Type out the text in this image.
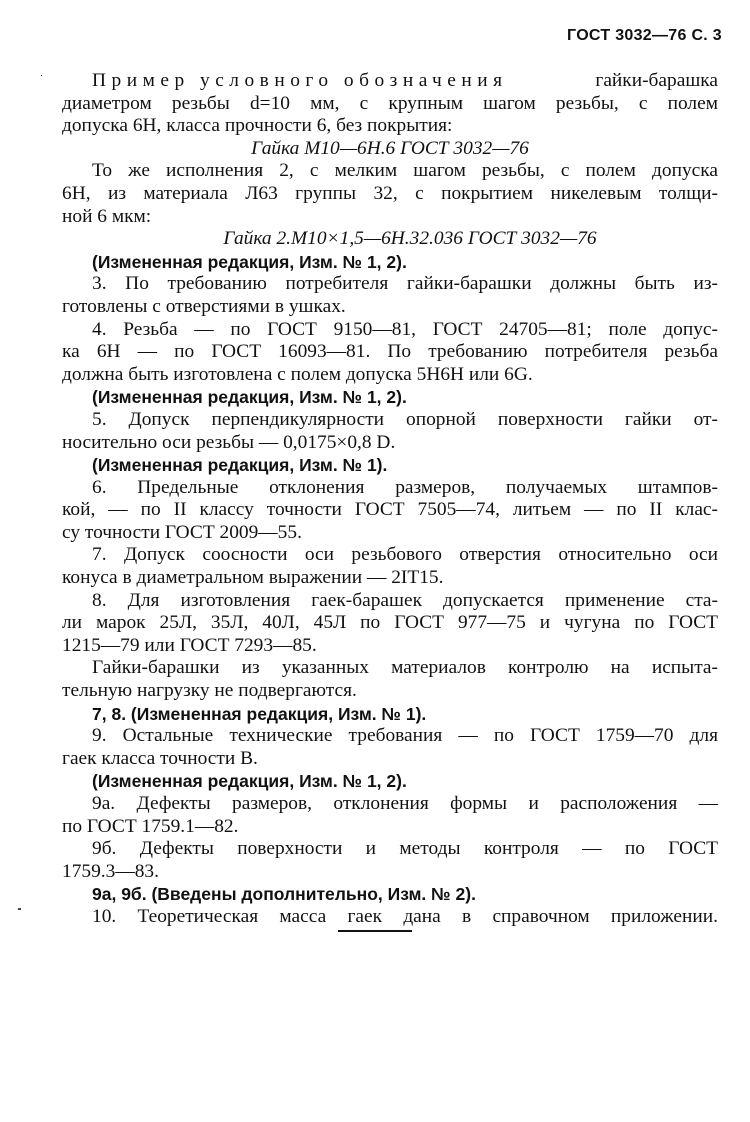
ГОСТ 3032—76 С. 3
Пример условного обозначения	гайки-барашка
диаметром резьбы d=10 мм, с крупным шагом резьбы, с полем
допуска 6Н, класса прочности 6, без покрытия:
Гайка М10—6Н.6 ГОСТ 3032—76
То же исполнения 2, с мелким шагом резьбы, с полем допуска
6Н, из материала Л63 группы 32, с покрытием никелевым толщи-
ной 6 мкм:
Гайка 2.М10×1,5—6Н.32.036 ГОСТ 3032—76
(Измененная редакция, Изм. № 1, 2).
3. По требованию потребителя гайки-барашки должны быть из-
готовлены с отверстиями в ушках.
4. Резьба — по ГОСТ 9150—81, ГОСТ 24705—81; поле допус-
ка 6Н — по ГОСТ 16093—81. По требованию потребителя резьба
должна быть изготовлена с полем допуска 5Н6Н или 6G.
(Измененная редакция, Изм. № 1, 2).
5. Допуск перпендикулярности опорной поверхности гайки от-
носительно оси резьбы — 0,0175×0,8 D.
(Измененная редакция, Изм. № 1).
6. Предельные отклонения размеров, получаемых штампов-
кой, — по II классу точности ГОСТ 7505—74, литьем — по II клас-
су точности ГОСТ 2009—55.
7. Допуск соосности оси резьбового отверстия относительно оси
конуса в диаметральном выражении — 2IT15.
8. Для изготовления гаек-барашек допускается применение ста-
ли марок 25Л, 35Л, 40Л, 45Л по ГОСТ 977—75 и чугуна по ГОСТ
1215—79 или ГОСТ 7293—85.
Гайки-барашки из указанных материалов контролю на испыта-
тельную нагрузку не подвергаются.
7, 8. (Измененная редакция, Изм. № 1).
9. Остальные технические требования — по ГОСТ 1759—70 для
гаек класса точности В.
(Измененная редакция, Изм. № 1, 2).
9а. Дефекты размеров, отклонения формы и расположения —
по ГОСТ 1759.1—82.
9б. Дефекты поверхности и методы контроля — по ГОСТ
1759.3—83.
9а, 9б. (Введены дополнительно, Изм. № 2).
10. Теоретическая масса гаек дана в справочном приложении.
